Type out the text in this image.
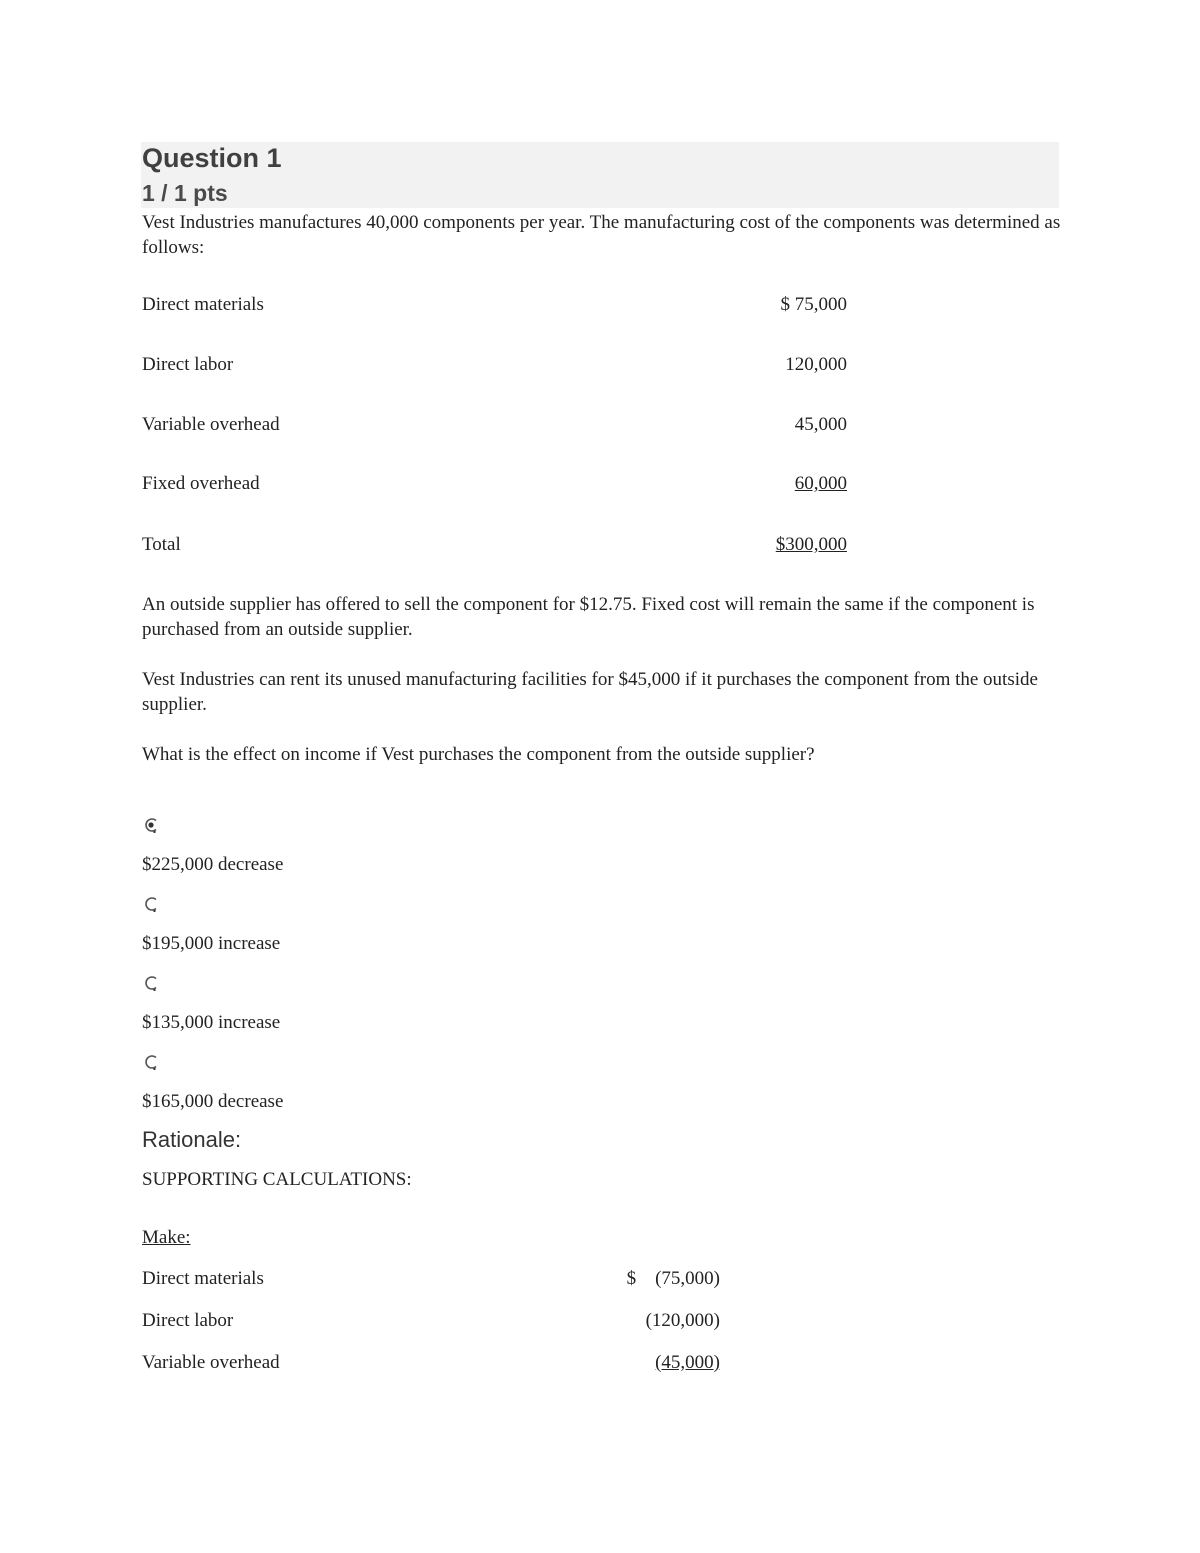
Question 1
1 / 1 pts

Vest Industries manufactures 40,000 components per year. The manufacturing cost of the components was determined as follows:

Direct materials	$ 75,000
Direct labor	120,000
Variable overhead	45,000
Fixed overhead	60,000
Total	$300,000

An outside supplier has offered to sell the component for $12.75. Fixed cost will remain the same if the component is purchased from an outside supplier.

Vest Industries can rent its unused manufacturing facilities for $45,000 if it purchases the component from the outside supplier.

What is the effect on income if Vest purchases the component from the outside supplier?

$225,000 decrease
$195,000 increase
$135,000 increase
$165,000 decrease
Rationale:

SUPPORTING CALCULATIONS:

Make:

Direct materials	$    (75,000)
Direct labor	(120,000)
Variable overhead	(45,000)
